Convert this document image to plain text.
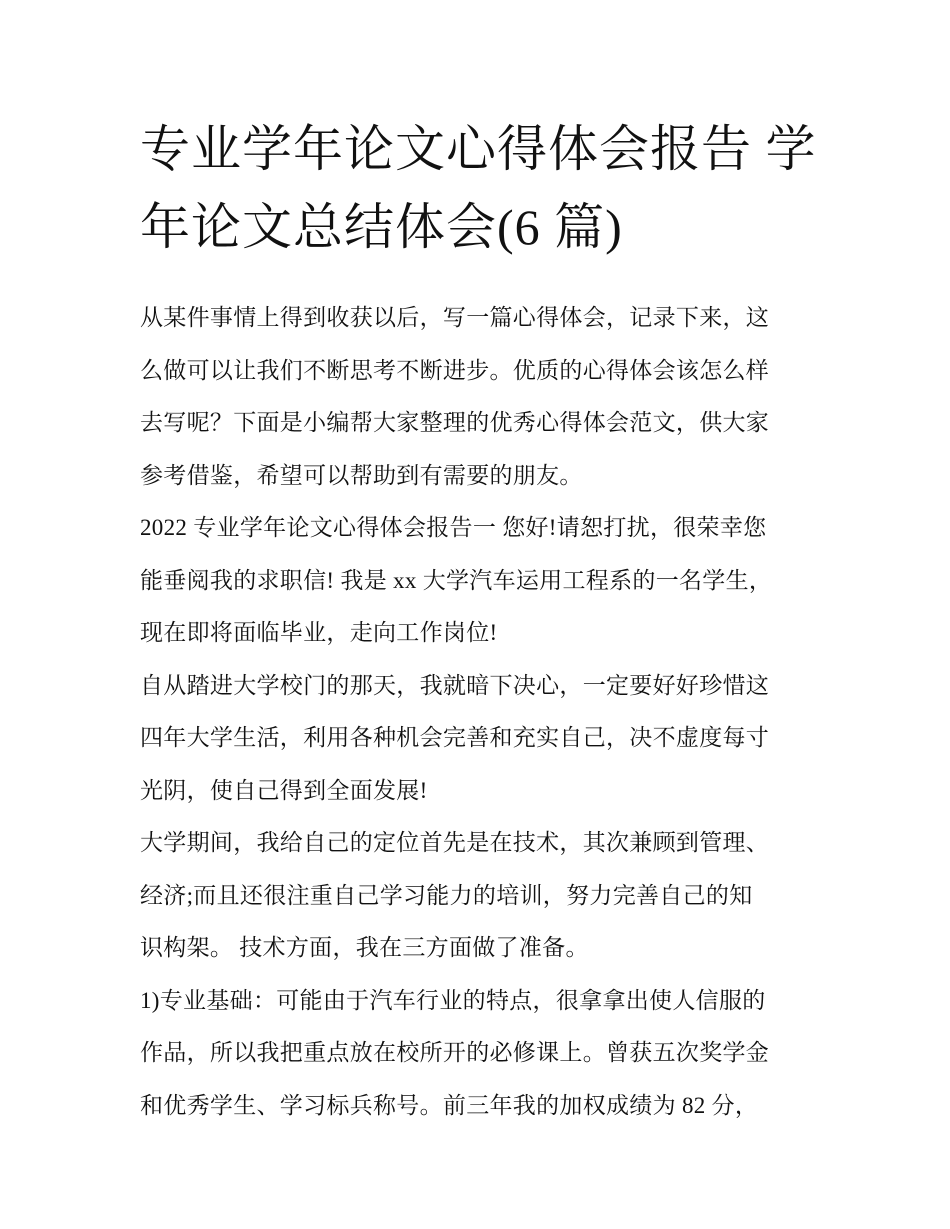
专业学年论文心得体会报告 学
年论文总结体会(6 篇)
从某件事情上得到收获以后，写一篇心得体会，记录下来，这
么做可以让我们不断思考不断进步。优质的心得体会该怎么样
去写呢？下面是小编帮大家整理的优秀心得体会范文，供大家
参考借鉴，希望可以帮助到有需要的朋友。
2022 专业学年论文心得体会报告一 您好!请恕打扰，很荣幸您
能垂阅我的求职信! 我是 xx 大学汽车运用工程系的一名学生，
现在即将面临毕业，走向工作岗位!
自从踏进大学校门的那天，我就暗下决心，一定要好好珍惜这
四年大学生活，利用各种机会完善和充实自己，决不虚度每寸
光阴，使自己得到全面发展!
大学期间，我给自己的定位首先是在技术，其次兼顾到管理、
经济;而且还很注重自己学习能力的培训，努力完善自己的知
识构架。 技术方面，我在三方面做了准备。
1)专业基础：可能由于汽车行业的特点，很拿拿出使人信服的
作品，所以我把重点放在校所开的必修课上。曾获五次奖学金
和优秀学生、学习标兵称号。前三年我的加权成绩为 82 分，
